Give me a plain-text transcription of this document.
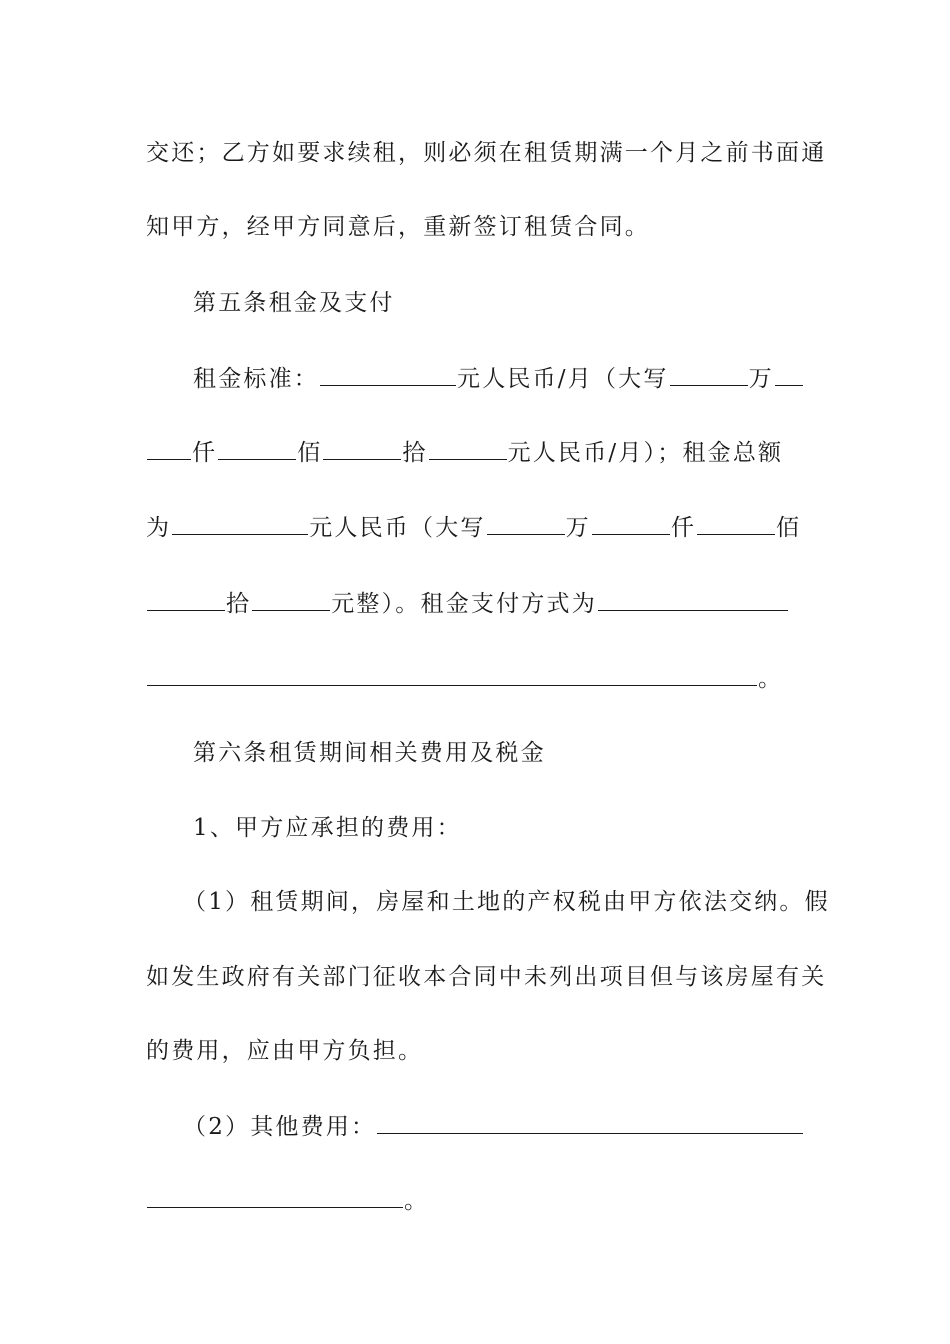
交还；乙方如要求续租，则必须在租赁期满一个月之前书面通
知甲方，经甲方同意后，重新签订租赁合同。
第五条租金及支付
租金标准：	元人民币/月（大写	万
仟	佰	拾	元人民币/月）；租金总额
为	元人民币（大写	万	仟	佰
拾	元整）。租金支付方式为
。
第六条租赁期间相关费用及税金
1、甲方应承担的费用：
（1）租赁期间，房屋和土地的产权税由甲方依法交纳。假
如发生政府有关部门征收本合同中未列出项目但与该房屋有关
的费用，应由甲方负担。
（2）其他费用：
。
